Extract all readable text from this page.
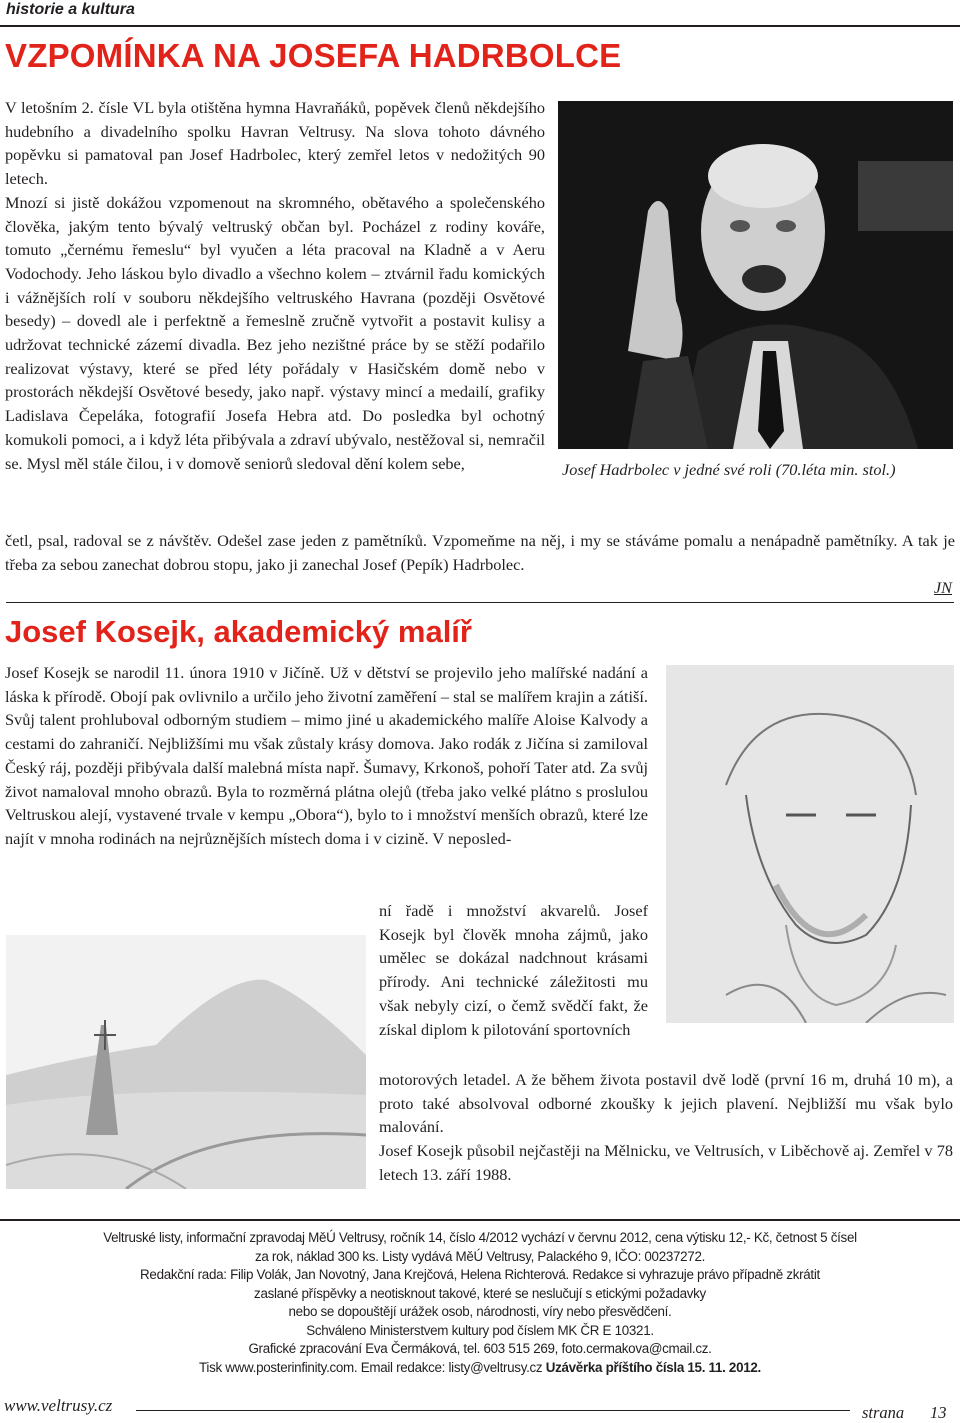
historie a kultura
VZPOMÍNKA NA JOSEFA HADRBOLCE

V letošním 2. čísle VL byla otištěna hymna Havraňáků, popěvek členů někdejšího hudebního a divadelního spolku Havran Veltrusy. Na slova tohoto dávného popěvku si pamatoval pan Josef Hadrbolec, který zemřel letos v nedožitých 90 letech.

Mnozí si jistě dokážou vzpomenout na skromného, obětavého a společenského člověka, jakým tento bývalý veltruský občan byl. Pocházel z rodiny kováře, tomuto „černému řemeslu“ byl vyučen a léta pracoval na Kladně a v Aeru Vodochody. Jeho láskou bylo divadlo a všechno kolem – ztvárnil řadu komických i vážnějších rolí v souboru někdejšího veltruského Havrana (později Osvětové besedy) – dovedl ale i perfektně a řemeslně zručně vytvořit a postavit kulisy a udržovat technické zázemí divadla. Bez jeho nezištné práce by se stěží podařilo realizovat výstavy, které se před léty pořádaly v Hasičském domě nebo v prostorách někdejší Osvětové besedy, jako např. výstavy mincí a medailí, grafiky Ladislava Čepeláka, fotografií Josefa Hebra atd. Do posledka byl ochotný komukoli pomoci, a i když léta přibývala a zdraví ubývalo, nestěžoval si, nemračil se. Mysl měl stále čilou, i v domově seniorů sledoval dění kolem sebe,	Josef Hadrbolec v jedné své roli (70.léta min. stol.)

četl, psal, radoval se z návštěv. Odešel zase jeden z pamětníků. Vzpomeňme na něj, i my se stáváme pomalu a nenápadně pamětníky. A tak je třeba za sebou zanechat dobrou stopu, jako ji zanechal Josef (Pepík) Hadrbolec.

JN
Josef Kosejk, akademický malíř

Josef Kosejk se narodil 11. února 1910 v Jičíně. Už v dětství se projevilo jeho malířské nadání a láska k přírodě. Obojí pak ovlivnilo a určilo jeho životní zaměření – stal se malířem krajin a zátiší. Svůj talent prohluboval odborným studiem – mimo jiné u akademického malíře Aloise Kalvody a cestami do zahraničí. Nejbližšími mu však zůstaly krásy domova. Jako rodák z Jičína si zamiloval Český ráj, později přibývala další malebná místa např. Šumavy, Krkonoš, pohoří Tater atd. Za svůj život namaloval mnoho obrazů. Byla to rozměrná plátna olejů (třeba jako velké plátno s proslulou Veltruskou alejí, vystavené trvale v kempu „Obora“), bylo to i množství menších obrazů, které lze najít v mnoha rodinách na nejrůznějších místech doma i v cizině. V neposled-

ní řadě i množství akvarelů. Josef Kosejk byl člověk mnoha zájmů, jako umělec se dokázal nadchnout krásami přírody. Ani technické záležitosti mu však nebyly cizí, o čemž svědčí fakt, že získal diplom k pilotování sportovních

motorových letadel. A že během života postavil dvě lodě (první 16 m, druhá 10 m), a proto také absolvoval odborné zkoušky k jejich plavení. Nejbližší mu však bylo malování.

Josef Kosejk působil nejčastěji na Mělnicku, ve Veltrusích, v Liběchově aj. Zemřel v 78 letech 13. září 1988.

Veltruské listy, informační zpravodaj MěÚ Veltrusy, ročník 14, číslo 4/2012 vychází v červnu 2012, cena výtisku 12,- Kč, četnost 5 čísel

za rok, náklad 300 ks. Listy vydává MěÚ Veltrusy, Palackého 9, IČO: 00237272.

Redakční rada: Filip Volák, Jan Novotný, Jana Krejčová, Helena Richterová. Redakce si vyhrazuje právo případně zkrátit

zaslané příspěvky a neotisknout takové, které se neslučují s etickými požadavky

nebo se dopouštějí urážek osob, národnosti, víry nebo přesvědčení.

Schváleno Ministerstvem kultury pod číslem MK ČR E 10321.

Grafické zpracování Eva Čermáková, tel. 603 515 269, foto.cermakova@cmail.cz.

Tisk www.posterinfinity.com. Email redakce: listy@veltrusy.cz Uzávěrka příštího čísla 15. 11. 2012.

www.veltrusy.cz	strana 13
